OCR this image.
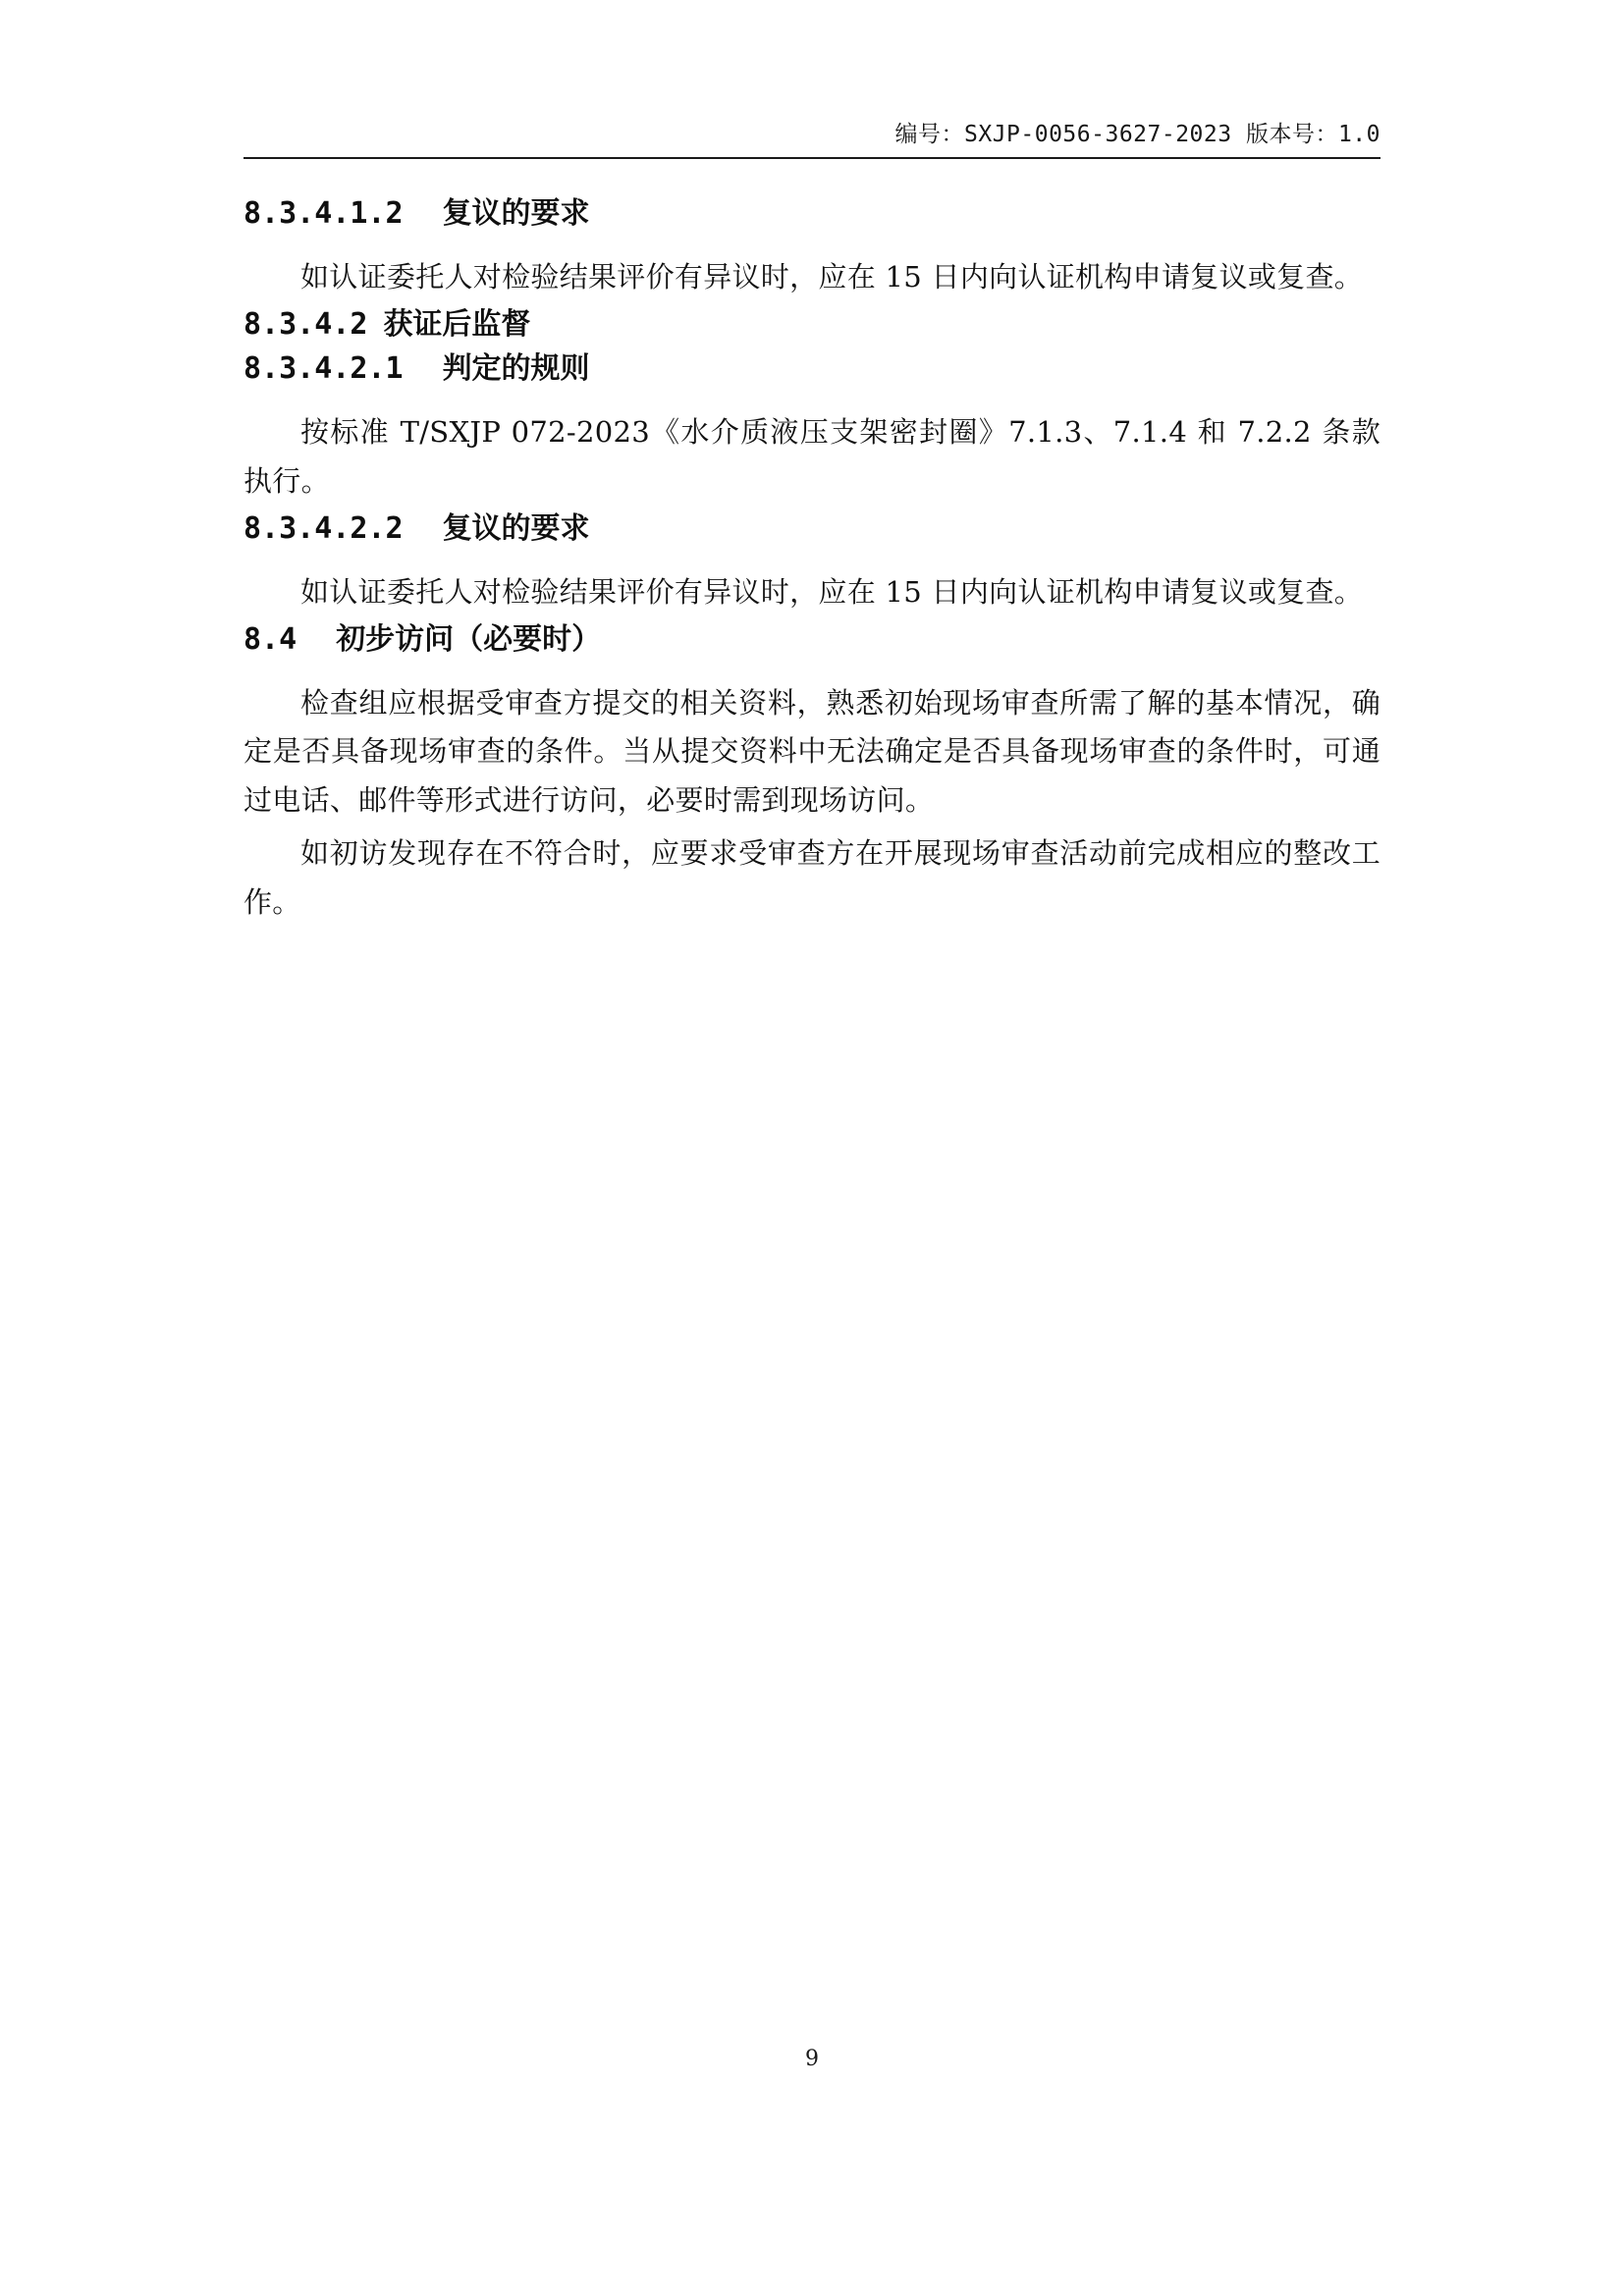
编号：SXJP-0056-3627-2023 版本号：1.0
8.3.4.1.2 复议的要求

如认证委托人对检验结果评价有异议时，应在 15 日内向认证机构申请复议或复查。

8.3.4.2 获证后监督
8.3.4.2.1 判定的规则

按标准 T/SXJP 072-2023《水介质液压支架密封圈》7.1.3、7.1.4 和 7.2.2 条款执行。

8.3.4.2.2 复议的要求

如认证委托人对检验结果评价有异议时，应在 15 日内向认证机构申请复议或复查。

8.4 初步访问（必要时）

检查组应根据受审查方提交的相关资料，熟悉初始现场审查所需了解的基本情况，确定是否具备现场审查的条件。当从提交资料中无法确定是否具备现场审查的条件时，可通过电话、邮件等形式进行访问，必要时需到现场访问。

如初访发现存在不符合时，应要求受审查方在开展现场审查活动前完成相应的整改工作。

9
